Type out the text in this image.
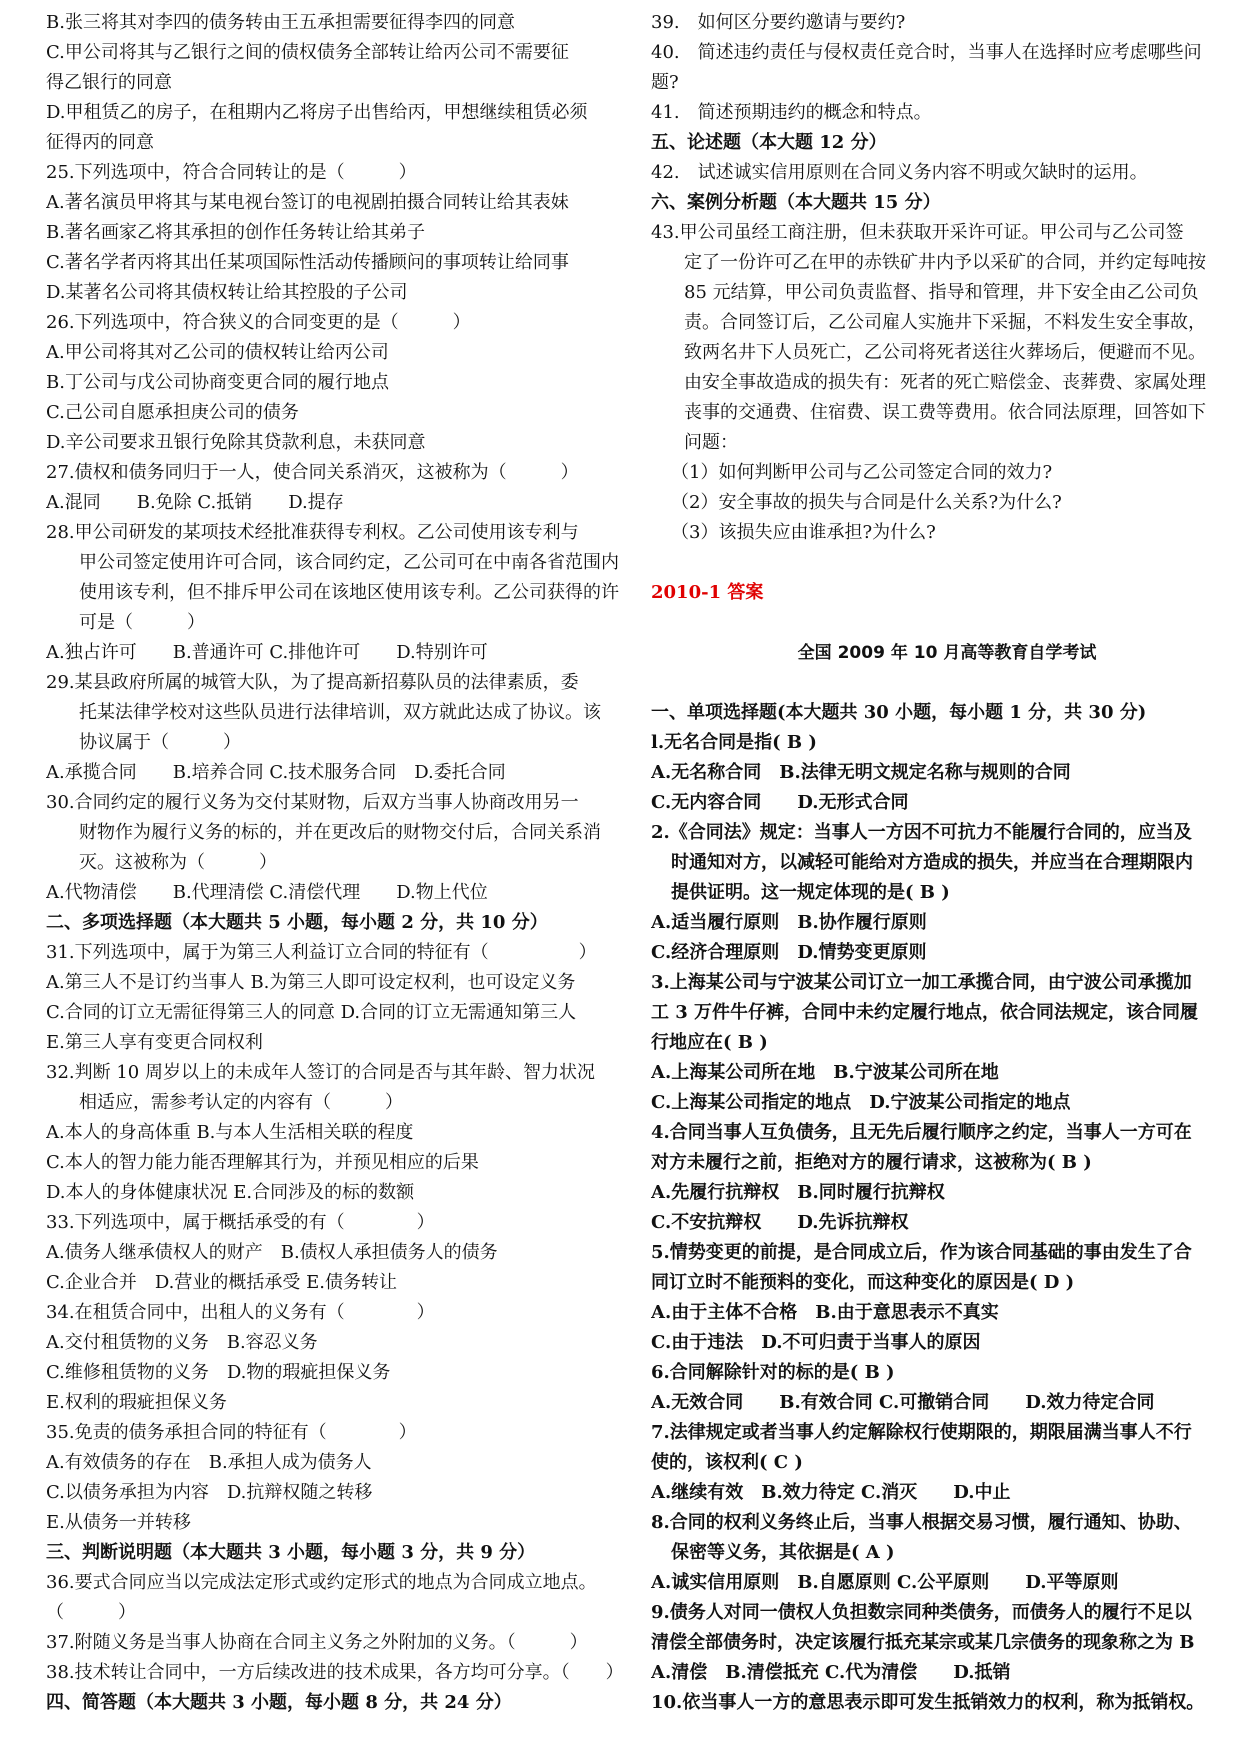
B.张三将其对李四的债务转由王五承担需要征得李四的同意
C.甲公司将其与乙银行之间的债权债务全部转让给丙公司不需要征
得乙银行的同意
D.甲租赁乙的房子，在租期内乙将房子出售给丙，甲想继续租赁必须
征得丙的同意
25.下列选项中，符合合同转让的是（　　　）
A.著名演员甲将其与某电视台签订的电视剧拍摄合同转让给其表妹
B.著名画家乙将其承担的创作任务转让给其弟子
C.著名学者丙将其出任某项国际性活动传播顾问的事项转让给同事
D.某著名公司将其债权转让给其控股的子公司
26.下列选项中，符合狭义的合同变更的是（　　　）
A.甲公司将其对乙公司的债权转让给丙公司
B.丁公司与戊公司协商变更合同的履行地点
C.己公司自愿承担庚公司的债务
D.辛公司要求丑银行免除其贷款利息，未获同意
27.债权和债务同归于一人，使合同关系消灭，这被称为（　　　）
A.混同　　B.免除 C.抵销　　D.提存
28.甲公司研发的某项技术经批准获得专利权。乙公司使用该专利与
甲公司签定使用许可合同，该合同约定，乙公司可在中南各省范围内
使用该专利，但不排斥甲公司在该地区使用该专利。乙公司获得的许
可是（　　　）
A.独占许可　　B.普通许可 C.排他许可　　D.特别许可
29.某县政府所属的城管大队，为了提高新招募队员的法律素质，委
托某法律学校对这些队员进行法律培训，双方就此达成了协议。该
协议属于（　　　）
A.承揽合同　　B.培养合同 C.技术服务合同　D.委托合同
30.合同约定的履行义务为交付某财物，后双方当事人协商改用另一
财物作为履行义务的标的，并在更改后的财物交付后，合同关系消
灭。这被称为（　　　）
A.代物清偿　　B.代理清偿 C.清偿代理　　D.物上代位
二、多项选择题（本大题共 5 小题，每小题 2 分，共 10 分）
31.下列选项中，属于为第三人利益订立合同的特征有（　　　　　）
A.第三人不是订约当事人 B.为第三人即可设定权利，也可设定义务
C.合同的订立无需征得第三人的同意 D.合同的订立无需通知第三人
E.第三人享有变更合同权利
32.判断 10 周岁以上的未成年人签订的合同是否与其年龄、智力状况
相适应，需参考认定的内容有（　　　）
A.本人的身高体重 B.与本人生活相关联的程度
C.本人的智力能力能否理解其行为，并预见相应的后果
D.本人的身体健康状况 E.合同涉及的标的数额
33.下列选项中，属于概括承受的有（　　　　）
A.债务人继承债权人的财产　B.债权人承担债务人的债务
C.企业合并　D.营业的概括承受 E.债务转让
34.在租赁合同中，出租人的义务有（　　　　）
A.交付租赁物的义务　B.容忍义务
C.维修租赁物的义务　D.物的瑕疵担保义务
E.权利的瑕疵担保义务
35.免责的债务承担合同的特征有（　　　　）
A.有效债务的存在　B.承担人成为债务人
C.以债务承担为内容　D.抗辩权随之转移
E.从债务一并转移
三、判断说明题（本大题共 3 小题，每小题 3 分，共 9 分）
36.要式合同应当以完成法定形式或约定形式的地点为合同成立地点。
（　　　）
37.附随义务是当事人协商在合同主义务之外附加的义务。（　　　）
38.技术转让合同中，一方后续改进的技术成果，各方均可分享。（　　）
四、简答题（本大题共 3 小题，每小题 8 分，共 24 分）
39.　如何区分要约邀请与要约?
40.　简述违约责任与侵权责任竞合时，当事人在选择时应考虑哪些问
题?
41.　简述预期违约的概念和特点。
五、论述题（本大题 12 分）
42.　试述诚实信用原则在合同义务内容不明或欠缺时的运用。
六、案例分析题（本大题共 15 分）
43.甲公司虽经工商注册，但未获取开采许可证。甲公司与乙公司签
定了一份许可乙在甲的赤铁矿井内予以采矿的合同，并约定每吨按
85 元结算，甲公司负责监督、指导和管理，井下安全由乙公司负
责。合同签订后，乙公司雇人实施井下采掘，不料发生安全事故，
致两名井下人员死亡，乙公司将死者送往火葬场后，便避而不见。
由安全事故造成的损失有：死者的死亡赔偿金、丧葬费、家属处理
丧事的交通费、住宿费、误工费等费用。依合同法原理，回答如下
问题：
（1）如何判断甲公司与乙公司签定合同的效力?
（2）安全事故的损失与合同是什么关系?为什么?
（3）该损失应由谁承担?为什么?
2010-1 答案
全国 2009 年 10 月高等教育自学考试
一、单项选择题(本大题共 30 小题，每小题 1 分，共 30 分)
l.无名合同是指( B )
A.无名称合同　B.法律无明文规定名称与规则的合同
C.无内容合同　　D.无形式合同
2.《合同法》规定：当事人一方因不可抗力不能履行合同的，应当及
时通知对方，以减轻可能给对方造成的损失，并应当在合理期限内
提供证明。这一规定体现的是( B )
A.适当履行原则　B.协作履行原则
C.经济合理原则　D.情势变更原则
3.上海某公司与宁波某公司订立一加工承揽合同，由宁波公司承揽加
工 3 万件牛仔裤，合同中未约定履行地点，依合同法规定，该合同履
行地应在( B )
A.上海某公司所在地　B.宁波某公司所在地
C.上海某公司指定的地点　D.宁波某公司指定的地点
4.合同当事人互负债务，且无先后履行顺序之约定，当事人一方可在
对方未履行之前，拒绝对方的履行请求，这被称为( B )
A.先履行抗辩权　B.同时履行抗辩权
C.不安抗辩权　　D.先诉抗辩权
5.情势变更的前提，是合同成立后，作为该合同基础的事由发生了合
同订立时不能预料的变化，而这种变化的原因是( D )
A.由于主体不合格　B.由于意思表示不真实
C.由于违法　D.不可归责于当事人的原因
6.合同解除针对的标的是( B )
A.无效合同　　B.有效合同 C.可撤销合同　　D.效力待定合同
7.法律规定或者当事人约定解除权行使期限的，期限届满当事人不行
使的，该权利( C )
A.继续有效　B.效力待定 C.消灭　　D.中止
8.合同的权利义务终止后，当事人根据交易习惯，履行通知、协助、
保密等义务，其依据是( A )
A.诚实信用原则　B.自愿原则 C.公平原则　　D.平等原则
9.债务人对同一债权人负担数宗同种类债务，而债务人的履行不足以
清偿全部债务时，决定该履行抵充某宗或某几宗债务的现象称之为 B
A.清偿　B.清偿抵充 C.代为清偿　　D.抵销
10.依当事人一方的意思表示即可发生抵销效力的权利，称为抵销权。
